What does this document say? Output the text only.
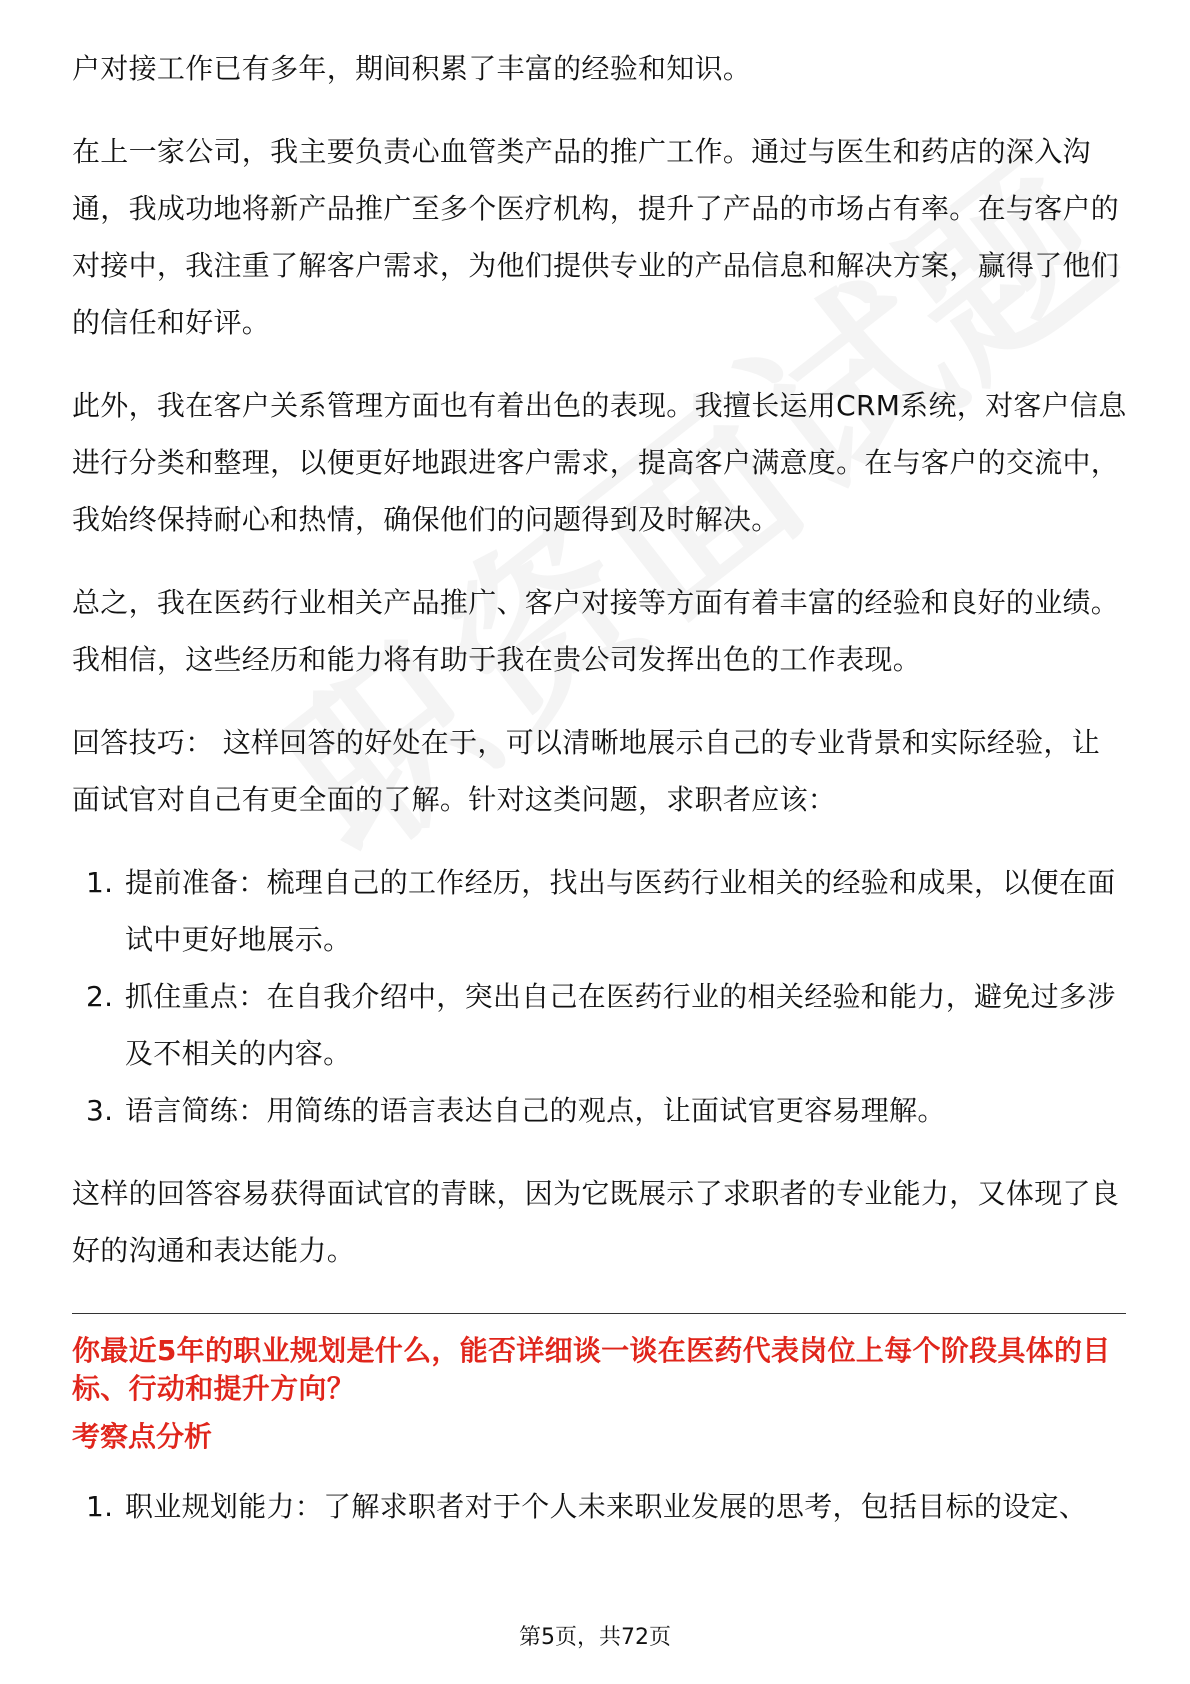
户对接工作已有多年，期间积累了丰富的经验和知识。

在上一家公司，我主要负责心血管类产品的推广工作。通过与医生和药店的深入沟通，我成功地将新产品推广至多个医疗机构，提升了产品的市场占有率。在与客户的对接中，我注重了解客户需求，为他们提供专业的产品信息和解决方案，赢得了他们的信任和好评。

此外，我在客户关系管理方面也有着出色的表现。我擅长运用CRM系统，对客户信息进行分类和整理，以便更好地跟进客户需求，提高客户满意度。在与客户的交流中，我始终保持耐心和热情，确保他们的问题得到及时解决。

总之，我在医药行业相关产品推广、客户对接等方面有着丰富的经验和良好的业绩。我相信，这些经历和能力将有助于我在贵公司发挥出色的工作表现。

回答技巧： 这样回答的好处在于，可以清晰地展示自己的专业背景和实际经验，让面试官对自己有更全面的了解。针对这类问题，求职者应该：

1. 提前准备：梳理自己的工作经历，找出与医药行业相关的经验和成果，以便在面试中更好地展示。
2. 抓住重点：在自我介绍中，突出自己在医药行业的相关经验和能力，避免过多涉及不相关的内容。
3. 语言简练：用简练的语言表达自己的观点，让面试官更容易理解。

这样的回答容易获得面试官的青睐，因为它既展示了求职者的专业能力，又体现了良好的沟通和表达能力。

你最近5年的职业规划是什么，能否详细谈一谈在医药代表岗位上每个阶段具体的目标、行动和提升方向？

考察点分析

1. 职业规划能力：了解求职者对于个人未来职业发展的思考，包括目标的设定、
第5页，共72页
